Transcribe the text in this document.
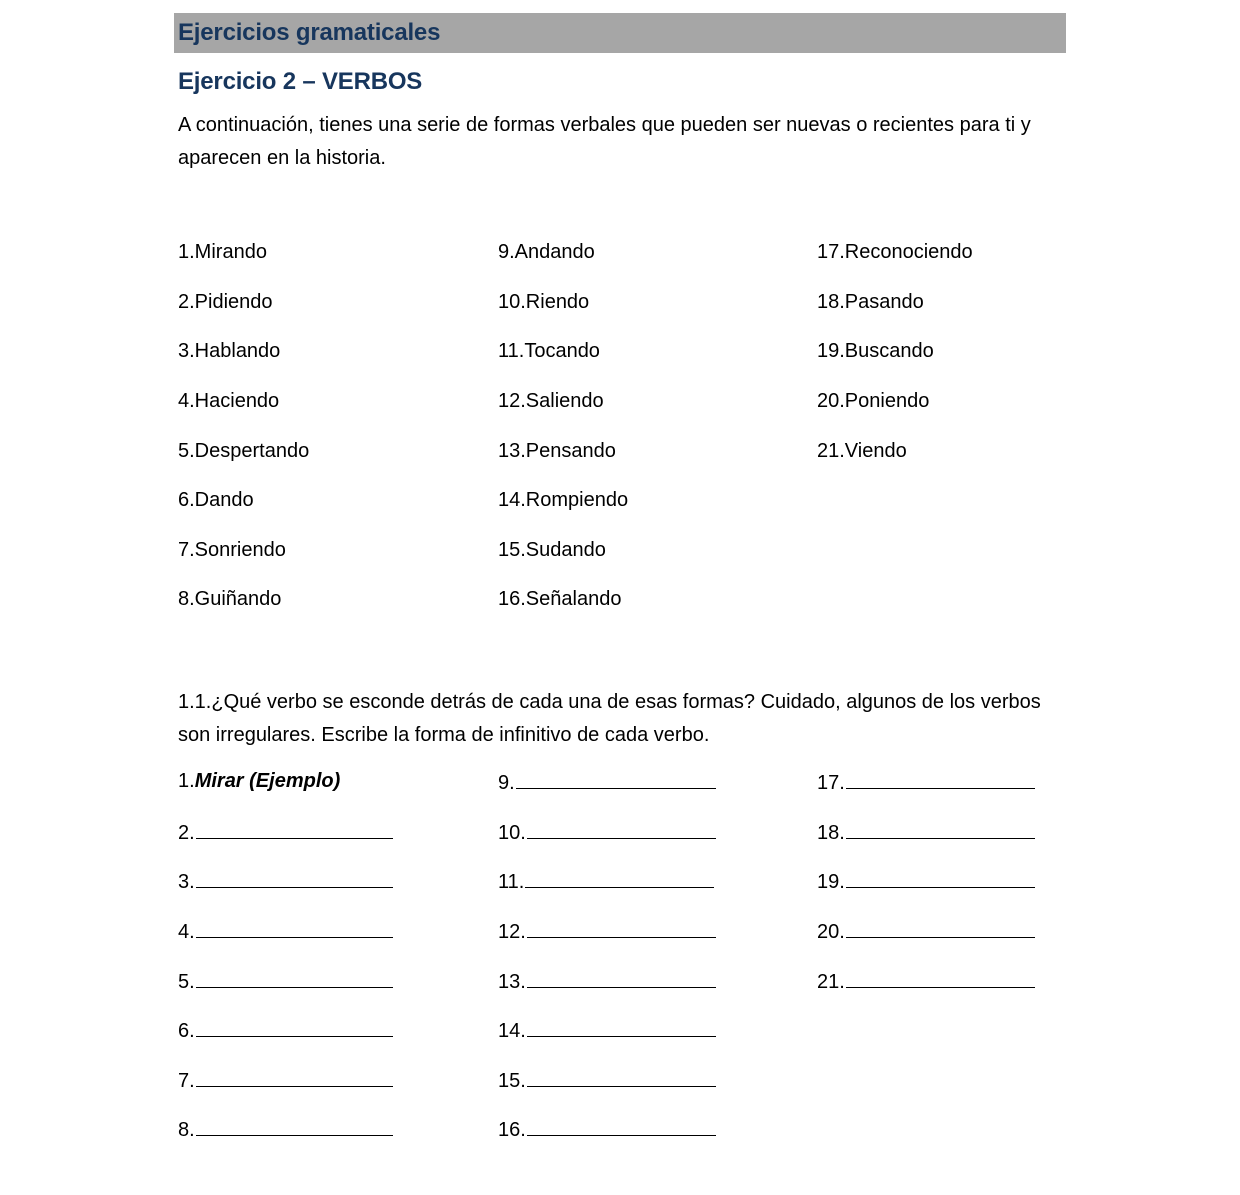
Ejercicios gramaticales
Ejercicio 2 – VERBOS
A continuación, tienes una serie de formas verbales que pueden ser nuevas o recientes para ti y aparecen en la historia.
1.Mirando
2.Pidiendo
3.Hablando
4.Haciendo
5.Despertando
6.Dando
7.Sonriendo
8.Guiñando
9.Andando
10.Riendo
11.Tocando
12.Saliendo
13.Pensando
14.Rompiendo
15.Sudando
16.Señalando
17.Reconociendo
18.Pasando
19.Buscando
20.Poniendo
21.Viendo
1.1.¿Qué verbo se esconde detrás de cada una de esas formas? Cuidado, algunos de los verbos son irregulares. Escribe la forma de infinitivo de cada verbo.
1. Mirar (Ejemplo)
2.
3.
4.
5.
6.
7.
8.
9.
10.
11.
12.
13.
14.
15.
16.
17.
18.
19.
20.
21.
